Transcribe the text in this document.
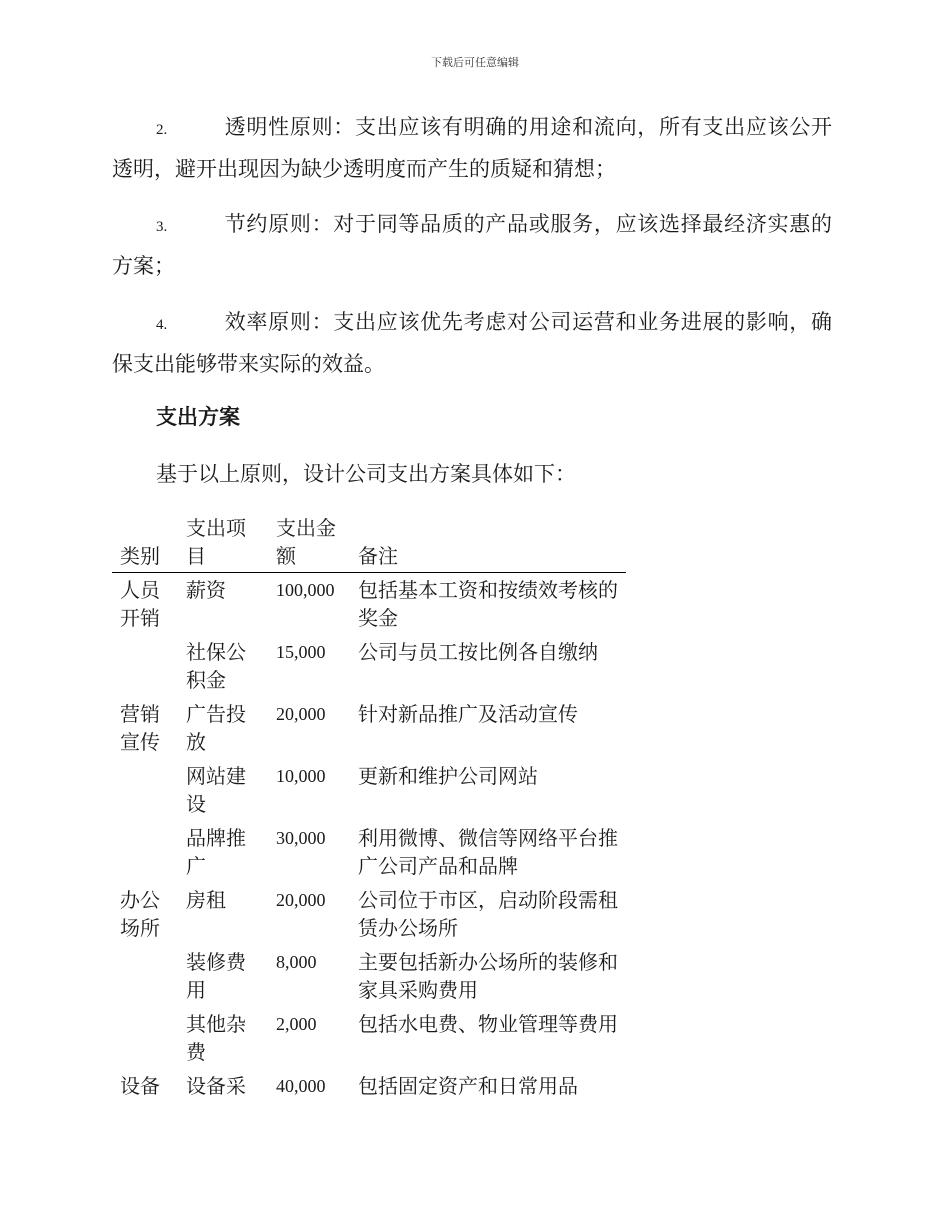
下载后可任意编辑
2.	透明性原则：支出应该有明确的用途和流向，所有支出应该公开透明，避开出现因为缺少透明度而产生的质疑和猜想；
3.	节约原则：对于同等品质的产品或服务，应该选择最经济实惠的方案；
4.	效率原则：支出应该优先考虑对公司运营和业务进展的影响，确保支出能够带来实际的效益。
支出方案
基于以上原则，设计公司支出方案具体如下：
类别	支出项目	支出金额	备注
人员开销	薪资	100,000	包括基本工资和按绩效考核的奖金
	社保公积金	15,000	公司与员工按比例各自缴纳
营销宣传	广告投放	20,000	针对新品推广及活动宣传
	网站建设	10,000	更新和维护公司网站
	品牌推广	30,000	利用微博、微信等网络平台推广公司产品和品牌
办公场所	房租	20,000	公司位于市区，启动阶段需租赁办公场所
	装修费用	8,000	主要包括新办公场所的装修和家具采购费用
	其他杂费	2,000	包括水电费、物业管理等费用
设备	设备采	40,000	包括固定资产和日常用品
